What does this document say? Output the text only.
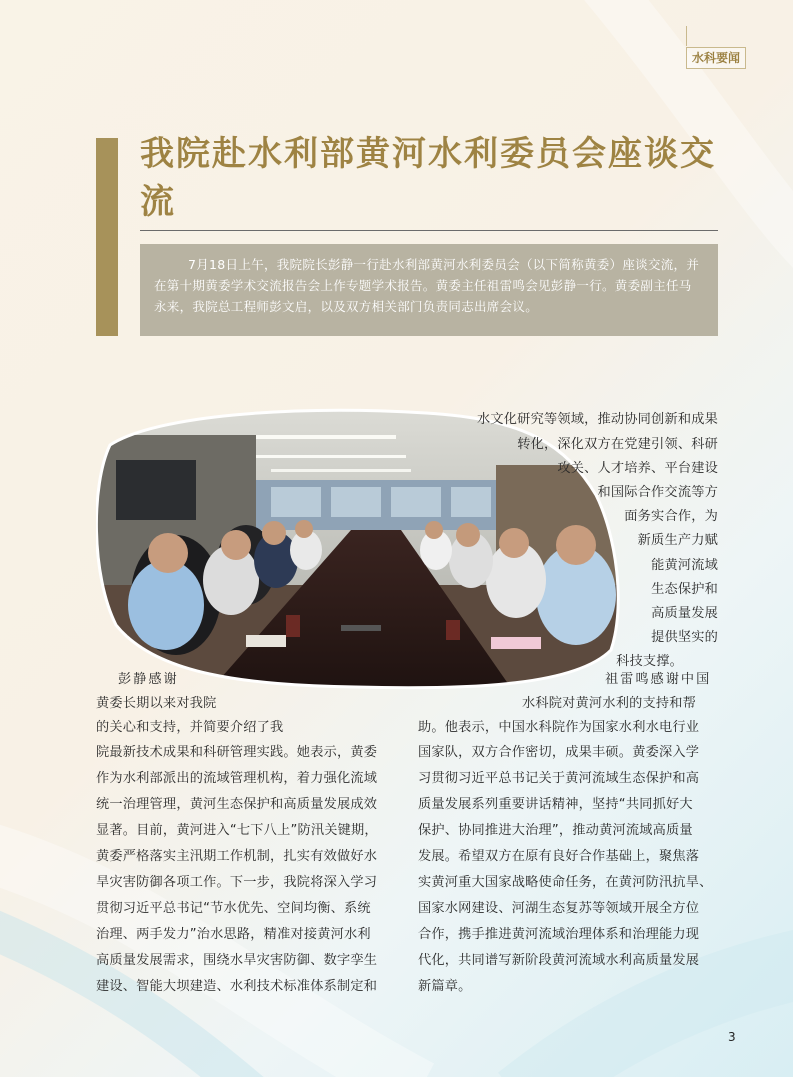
水科要闻
我院赴水利部黄河水利委员会座谈交流
7月18日上午，我院院长彭静一行赴水利部黄河水利委员会（以下简称黄委）座谈交流，并在第十期黄委学术交流报告会上作专题学术报告。黄委主任祖雷鸣会见彭静一行。黄委副主任马永来，我院总工程师彭文启，以及双方相关部门负责同志出席会议。
水文化研究等领域，推动协同创新和成果
转化，深化双方在党建引领、科研
攻关、人才培养、平台建设
和国际合作交流等方
面务实合作，为
新质生产力赋
能黄河流域
生态保护和
高质量发展
提供坚实的
科技支撑。
彭静感谢
黄委长期以来对我院
的关心和支持，并简要介绍了我
院最新技术成果和科研管理实践。她表示，黄委
作为水利部派出的流域管理机构，着力强化流域
统一治理管理，黄河生态保护和高质量发展成效
显著。目前，黄河进入“七下八上”防汛关键期，
黄委严格落实主汛期工作机制，扎实有效做好水
旱灾害防御各项工作。下一步，我院将深入学习
贯彻习近平总书记“节水优先、空间均衡、系统
治理、两手发力”治水思路，精准对接黄河水利
高质量发展需求，围绕水旱灾害防御、数字孪生
建设、智能大坝建造、水利技术标准体系制定和
祖雷鸣感谢中国
水科院对黄河水利的支持和帮
助。他表示，中国水科院作为国家水利水电行业
国家队，双方合作密切，成果丰硕。黄委深入学
习贯彻习近平总书记关于黄河流域生态保护和高
质量发展系列重要讲话精神，坚持“共同抓好大
保护、协同推进大治理”，推动黄河流域高质量
发展。希望双方在原有良好合作基础上，聚焦落
实黄河重大国家战略使命任务，在黄河防汛抗旱、
国家水网建设、河湖生态复苏等领域开展全方位
合作，携手推进黄河流域治理体系和治理能力现
代化，共同谱写新阶段黄河流域水利高质量发展
新篇章。
3
